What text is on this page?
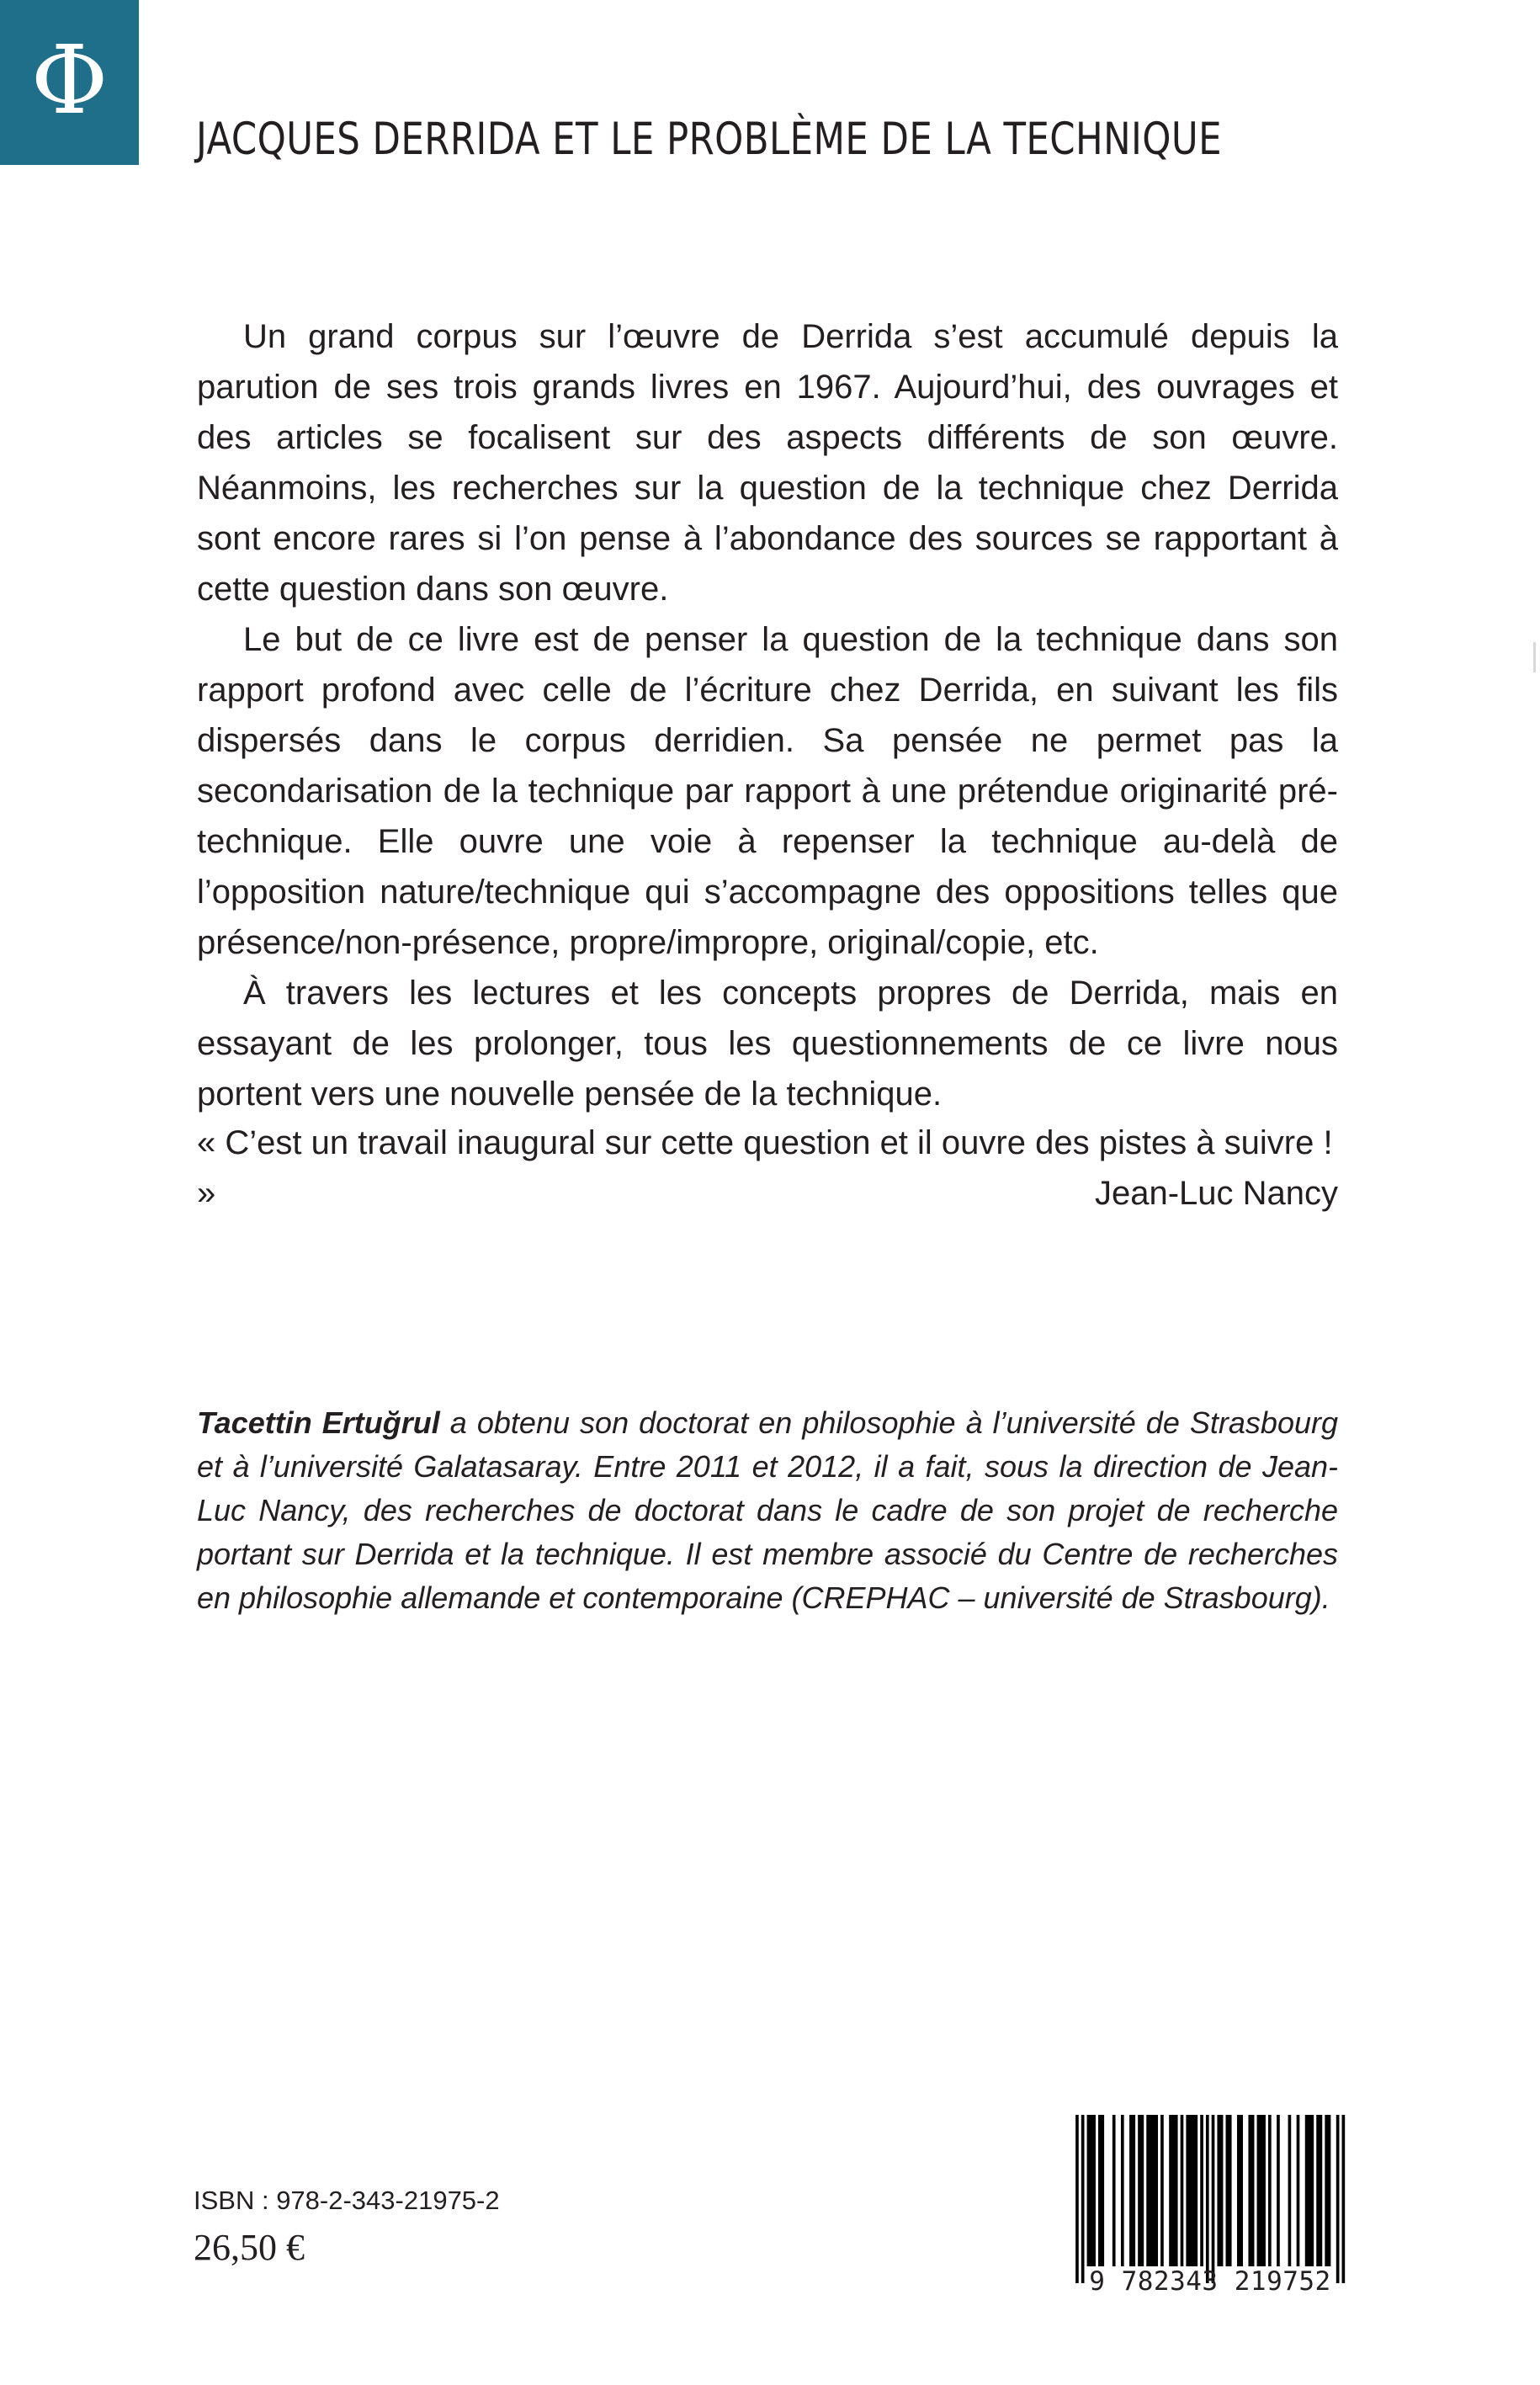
Φ
JACQUES DERRIDA ET LE PROBLÈME DE LA TECHNIQUE

Un grand corpus sur l’œuvre de Derrida s’est accumulé depuis la parution de ses trois grands livres en 1967. Aujourd’hui, des ouvrages et des articles se focalisent sur des aspects différents de son œuvre. Néanmoins, les recherches sur la question de la technique chez Derrida sont encore rares si l’on pense à l’abondance des sources se rapportant à cette question dans son œuvre.

Le but de ce livre est de penser la question de la technique dans son rapport profond avec celle de l’écriture chez Derrida, en suivant les fils dispersés dans le corpus derridien. Sa pensée ne permet pas la secondarisation de la technique par rapport à une prétendue originarité pré-technique. Elle ouvre une voie à repenser la technique au-delà de l’opposition nature/technique qui s’accompagne des oppositions telles que présence/non-présence, propre/impropre, original/copie, etc.

À travers les lectures et les concepts propres de Derrida, mais en essayant de les prolonger, tous les questionnements de ce livre nous portent vers une nouvelle pensée de la technique.

« C’est un travail inaugural sur cette question et il ouvre des pistes à suivre ! »	Jean-Luc Nancy

Tacettin Ertuğrul a obtenu son doctorat en philosophie à l’université de Strasbourg et à l’université Galatasaray. Entre 2011 et 2012, il a fait, sous la direction de Jean-Luc Nancy, des recherches de doctorat dans le cadre de son projet de recherche portant sur Derrida et la technique. Il est membre associé du Centre de recherches en philosophie allemande et contemporaine (CREPHAC – université de Strasbourg).

ISBN : 978-2-343-21975-2

26,50 €

9 782343 219752
